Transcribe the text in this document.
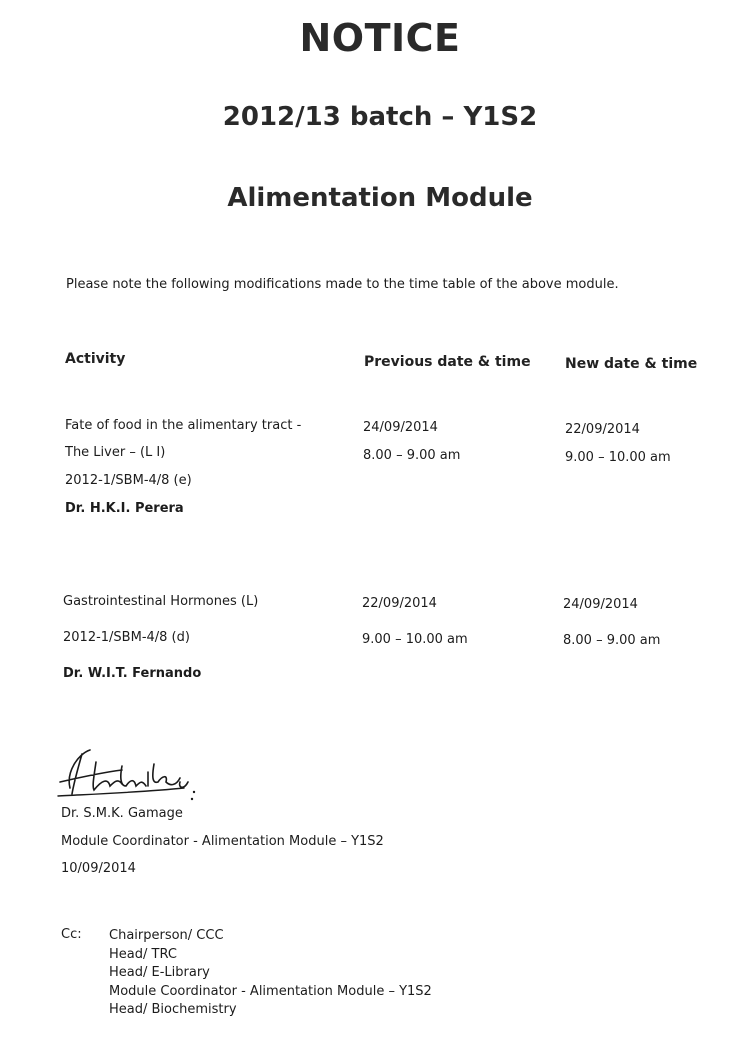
NOTICE
2012/13 batch – Y1S2
Alimentation Module
Please note the following modifications made to the time table of the above module.
Activity	Previous date & time New date & time
Fate of food in the alimentary tract -
The Liver – (L I)
2012-1/SBM-4/8 (e)
Dr. H.K.I. Perera
24/09/2014
8.00 – 9.00 am
22/09/2014
9.00 – 10.00 am
Gastrointestinal Hormones (L)
2012-1/SBM-4/8 (d)
Dr. W.I.T. Fernando
22/09/2014
9.00 – 10.00 am
24/09/2014
8.00 – 9.00 am
Dr. S.M.K. Gamage
Module Coordinator - Alimentation Module – Y1S2
10/09/2014
Cc: Chairperson/ CCC
Head/ TRC
Head/ E-Library
Module Coordinator - Alimentation Module – Y1S2
Head/ Biochemistry
